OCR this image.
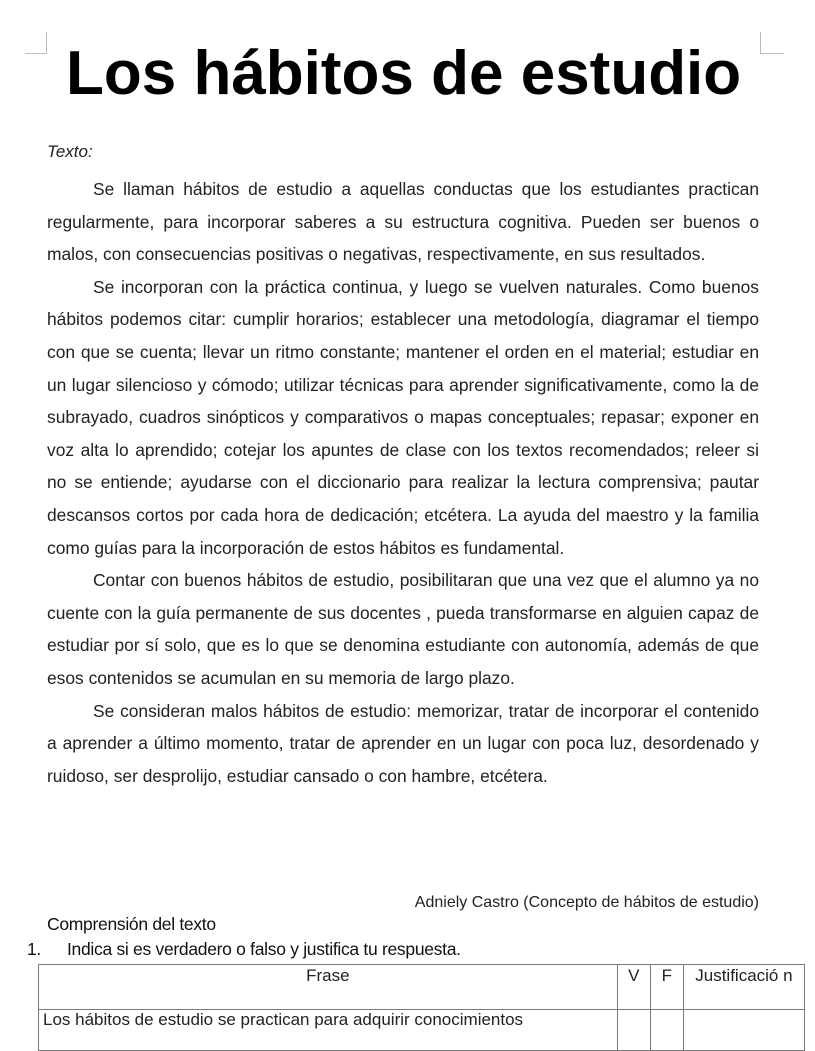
Los hábitos de estudio
Texto:

Se llaman hábitos de estudio a aquellas conductas que los estudiantes practican regularmente, para incorporar saberes a su estructura cognitiva. Pueden ser buenos o malos, con consecuencias positivas o negativas, respectivamente, en sus resultados.

Se incorporan con la práctica continua, y luego se vuelven naturales. Como buenos hábitos podemos citar: cumplir horarios; establecer una metodología, diagramar el tiempo con que se cuenta; llevar un ritmo constante; mantener el orden en el material; estudiar en un lugar silencioso y cómodo; utilizar técnicas para aprender significativamente, como la de subrayado, cuadros sinópticos y comparativos o mapas conceptuales; repasar; exponer en voz alta lo aprendido; cotejar los apuntes de clase con los textos recomendados; releer si no se entiende; ayudarse con el diccionario para realizar la lectura comprensiva; pautar descansos cortos por cada hora de dedicación; etcétera. La ayuda del maestro y la familia como guías para la incorporación de estos hábitos es fundamental.

Contar con buenos hábitos de estudio, posibilitaran que una vez que el alumno ya no cuente con la guía permanente de sus docentes , pueda transformarse en alguien capaz de estudiar por sí solo, que es lo que se denomina estudiante con autonomía, además de que esos contenidos se acumulan en su memoria de largo plazo.

Se consideran malos hábitos de estudio: memorizar, tratar de incorporar el contenido a aprender a último momento, tratar de aprender en un lugar con poca luz, desordenado y ruidoso, ser desprolijo, estudiar cansado o con hambre, etcétera.

Adniely Castro (Concepto de hábitos de estudio)
Comprensión del texto
1. Indica si es verdadero o falso y justifica tu respuesta.
Frase	V	F	Justificació n
Los hábitos de estudio se practican para adquirir conocimientos			
